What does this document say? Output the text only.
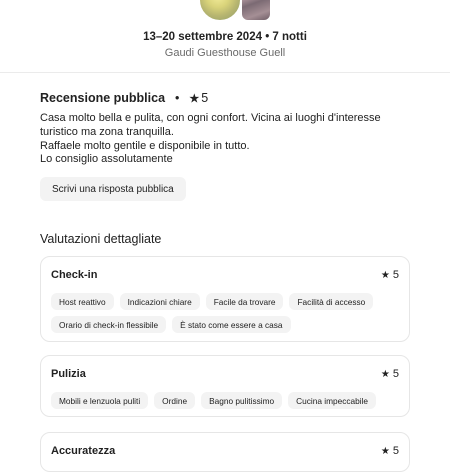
13–20 settembre 2024 • 7 notti
Gaudi Guesthouse Guell
Recensione pubblica • ★ 5
Casa molto bella e pulita, con ogni confort. Vicina ai luoghi d'interesse turistico ma zona tranquilla.
Raffaele molto gentile e disponibile in tutto.
Lo consiglio assolutamente
Scrivi una risposta pubblica
Valutazioni dettagliate
Check-in	★ 5
Host reattivo	Indicazioni chiare	Facile da trovare	Facilità di accesso
Orario di check-in flessibile	È stato come essere a casa
Pulizia	★ 5
Mobili e lenzuola puliti	Ordine	Bagno pulitissimo	Cucina impeccabile
Accuratezza	★ 5
